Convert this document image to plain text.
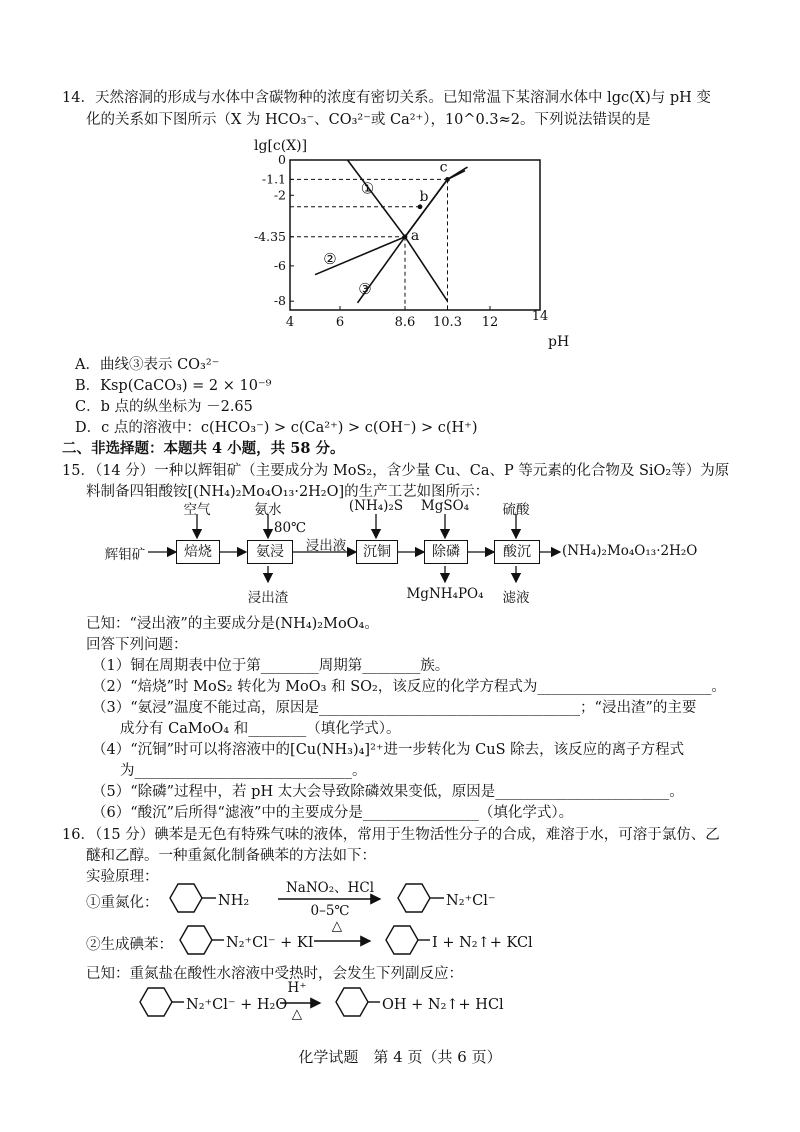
14．天然溶洞的形成与水体中含碳物种的浓度有密切关系。已知常温下某溶洞水体中 lgc(X)与 pH 变
化的关系如下图所示（X 为 HCO₃⁻、CO₃²⁻或 Ca²⁺），10^0.3≈2。下列说法错误的是
lg[c(X)]
pH
4	6	8.6 10.3 12	14
0
-1.1
-2
-4.35
-6
-8
①
②
③
a
b
c
A．曲线③表示 CO₃²⁻
B．Ksp(CaCO₃) = 2 × 10⁻⁹
C．b 点的纵坐标为 －2.65
D．c 点的溶液中：c(HCO₃⁻) > c(Ca²⁺) > c(OH⁻) > c(H⁺)
二、非选择题：本题共 4 小题，共 58 分。
15．（14 分）一种以辉钼矿（主要成分为 MoS₂，含少量 Cu、Ca、P 等元素的化合物及 SiO₂等）为原
料制备四钼酸铵[(NH₄)₂Mo₄O₁₃·2H₂O]的生产工艺如图所示：
辉钼矿	焙烧	氨浸	沉铜	除磷	酸沉
空气	氨水
80℃
(NH₄)₂S	MgSO₄	硫酸
浸出液
浸出渣	MgNH₄PO₄	滤液
(NH₄)₂Mo₄O₁₃·2H₂O
已知：“浸出液”的主要成分是(NH₄)₂MoO₄。
回答下列问题：
（1）铜在周期表中位于第________周期第________族。
（2）“焙烧”时 MoS₂ 转化为 MoO₃ 和 SO₂，该反应的化学方程式为________________________。
（3）“氨浸”温度不能过高，原因是____________________________________；“浸出渣”的主要
成分有 CaMoO₄ 和________（填化学式）。
（4）“沉铜”时可以将溶液中的[Cu(NH₃)₄]²⁺进一步转化为 CuS 除去，该反应的离子方程式
为______________________________。
（5）“除磷”过程中，若 pH 太大会导致除磷效果变低，原因是________________________。
（6）“酸沉”后所得“滤液”中的主要成分是________________（填化学式）。
16．（15 分）碘苯是无色有特殊气味的液体，常用于生物活性分子的合成，难溶于水，可溶于氯仿、乙
醚和乙醇。一种重氮化制备碘苯的方法如下：
实验原理：
①重氮化：	NH₂
NaNO₂、HCl
0–5℃
N₂⁺Cl⁻
②生成碘苯：	N₂⁺Cl⁻ + KI
△
I + N₂↑+ KCl
已知：重氮盐在酸性水溶液中受热时，会发生下列副反应：
N₂⁺Cl⁻ + H₂O
H⁺
△
OH + N₂↑+ HCl
化学试题　第 4 页（共 6 页）
